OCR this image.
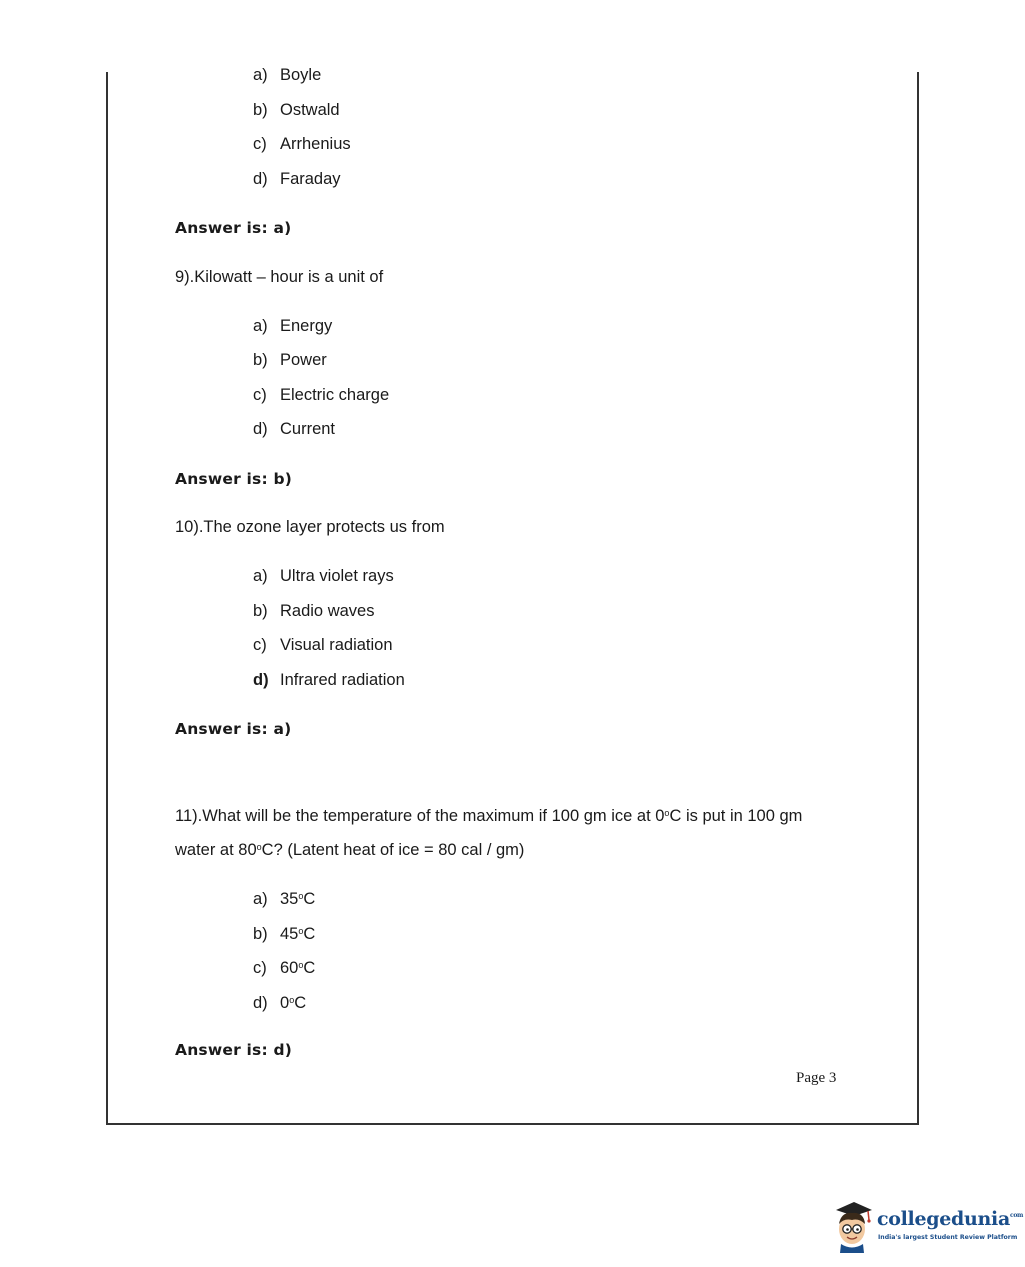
a) Boyle
b) Ostwald
c) Arrhenius
d) Faraday
Answer is: a)
9).Kilowatt – hour is a unit of
a) Energy
b) Power
c) Electric charge
d) Current
Answer is: b)
10).The ozone layer protects us from
a) Ultra violet rays
b) Radio waves
c) Visual radiation
d) Infrared radiation
Answer is: a)
11).What will be the temperature of the maximum if 100 gm ice at 0$^o$C is put in 100 gm
water at 80$^o$C? (Latent heat of ice = 80 cal / gm)
a) 35$^o$C
b) 45$^o$C
c) 60$^o$C
d) 0$^o$C
Answer is: d)
Page 3
collegedunia$^{com}$
India's largest Student Review Platform
